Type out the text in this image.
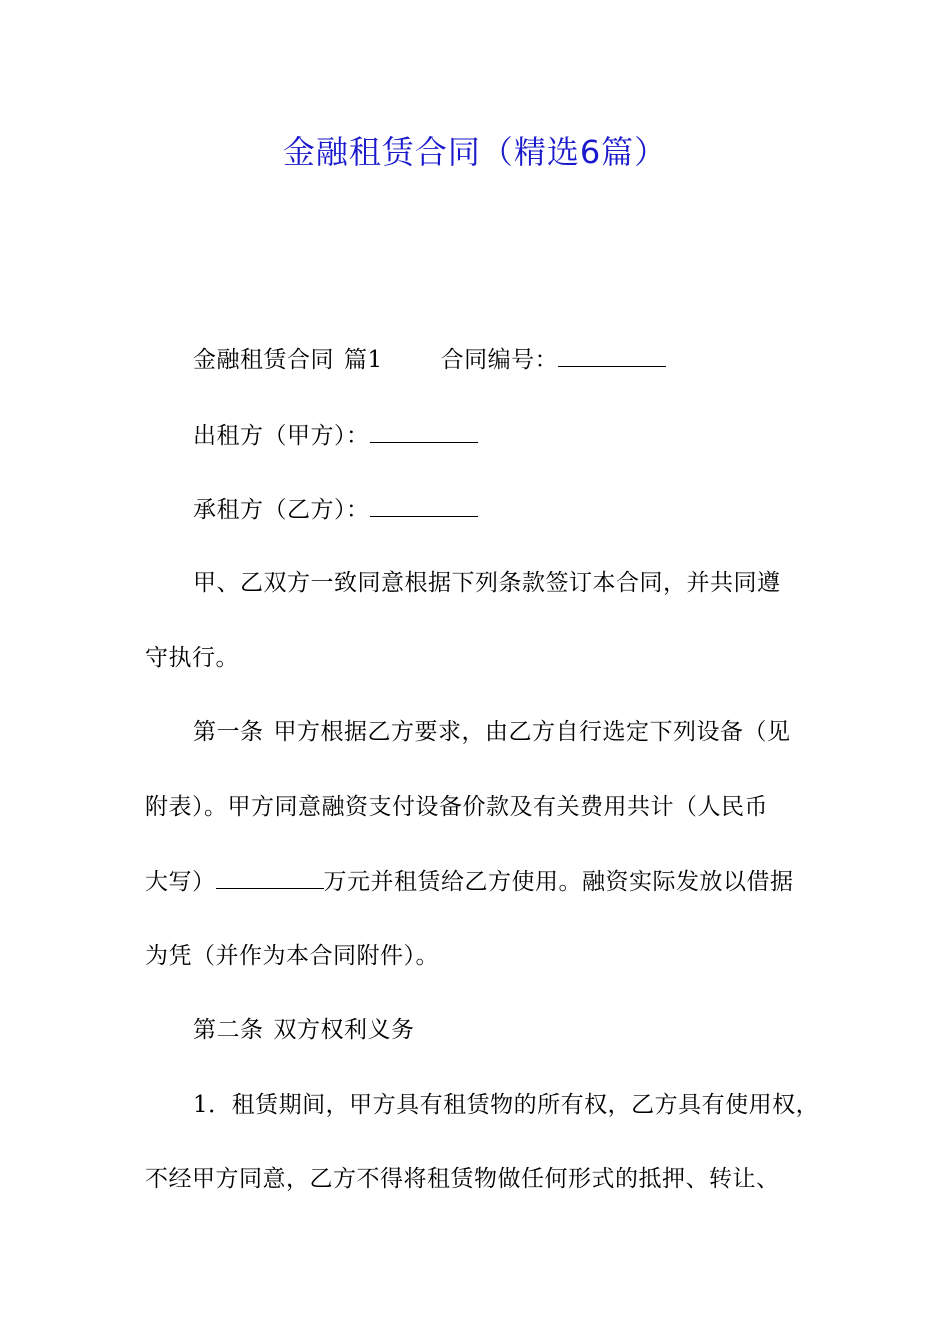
金融租赁合同（精选6篇）
金融租赁合同 篇1	合同编号：
出租方（甲方）：
承租方（乙方）：
甲、乙双方一致同意根据下列条款签订本合同，并共同遵
守执行。
第一条 甲方根据乙方要求，由乙方自行选定下列设备（见
附表）。甲方同意融资支付设备价款及有关费用共计（人民币
大写）	万元并租赁给乙方使用。融资实际发放以借据
为凭（并作为本合同附件）。
第二条 双方权利义务
1．租赁期间，甲方具有租赁物的所有权，乙方具有使用权，
不经甲方同意，乙方不得将租赁物做任何形式的抵押、转让、
